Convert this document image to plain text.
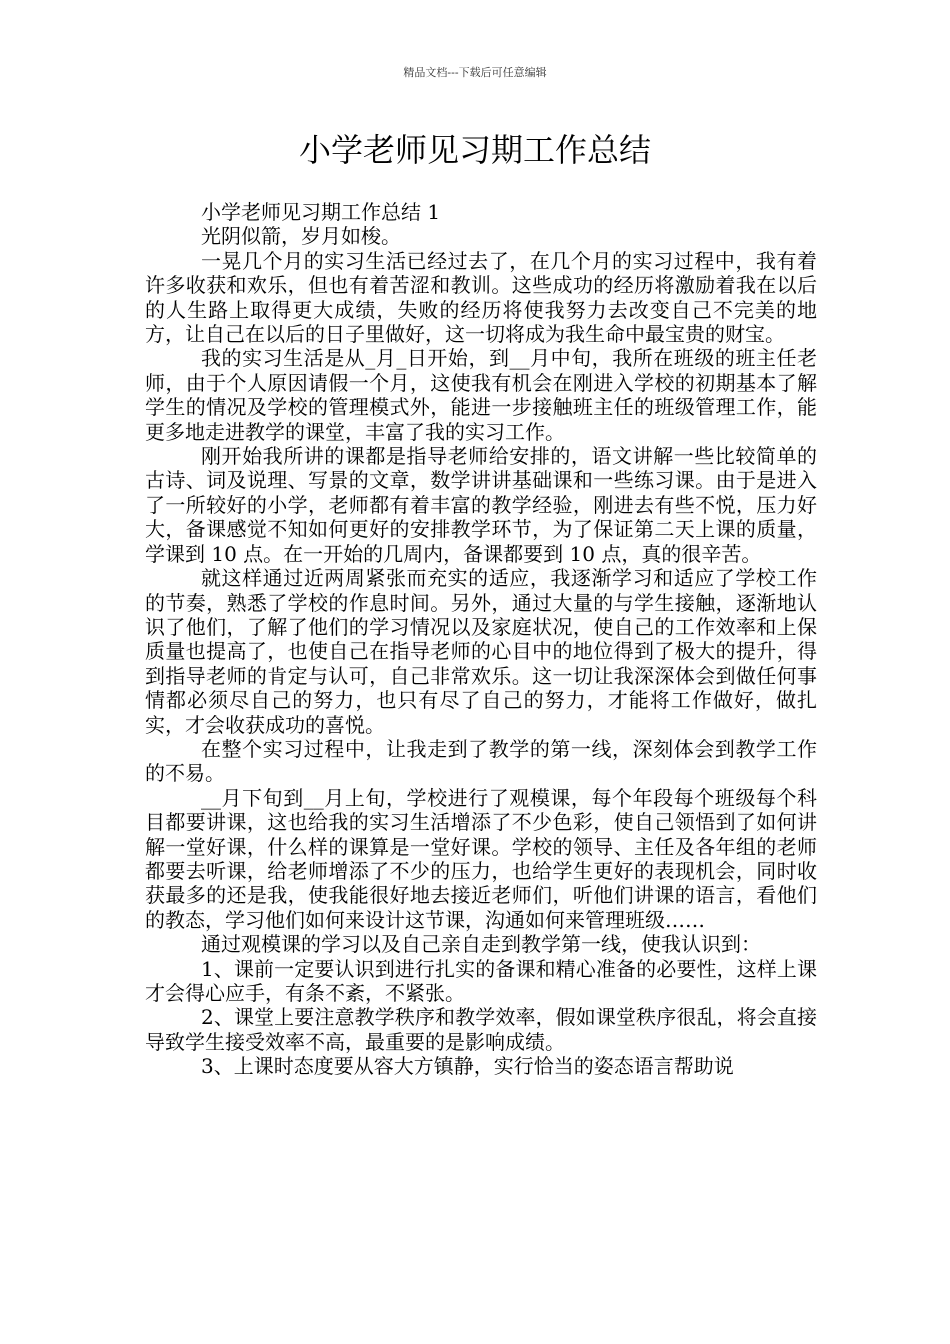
精品文档---下载后可任意编辑
小学老师见习期工作总结

小学老师见习期工作总结 1

光阴似箭，岁月如梭。

一晃几个月的实习生活已经过去了，在几个月的实习过程中，我有着许多收获和欢乐，但也有着苦涩和教训。这些成功的经历将激励着我在以后的人生路上取得更大成绩，失败的经历将使我努力去改变自己不完美的地方，让自己在以后的日子里做好，这一切将成为我生命中最宝贵的财宝。

我的实习生活是从_月_日开始，到__月中旬，我所在班级的班主任老师，由于个人原因请假一个月，这使我有机会在刚进入学校的初期基本了解学生的情况及学校的管理模式外，能进一步接触班主任的班级管理工作，能更多地走进教学的课堂，丰富了我的实习工作。

刚开始我所讲的课都是指导老师给安排的，语文讲解一些比较简单的古诗、词及说理、写景的文章，数学讲讲基础课和一些练习课。由于是进入了一所较好的小学，老师都有着丰富的教学经验，刚进去有些不悦，压力好大，备课感觉不知如何更好的安排教学环节，为了保证第二天上课的质量，学课到 10 点。在一开始的几周内，备课都要到 10 点，真的很辛苦。

就这样通过近两周紧张而充实的适应，我逐渐学习和适应了学校工作的节奏，熟悉了学校的作息时间。另外，通过大量的与学生接触，逐渐地认识了他们，了解了他们的学习情况以及家庭状况，使自己的工作效率和上保质量也提高了，也使自己在指导老师的心目中的地位得到了极大的提升，得到指导老师的肯定与认可，自己非常欢乐。这一切让我深深体会到做任何事情都必须尽自己的努力，也只有尽了自己的努力，才能将工作做好，做扎实，才会收获成功的喜悦。

在整个实习过程中，让我走到了教学的第一线，深刻体会到教学工作的不易。

__月下旬到__月上旬，学校进行了观模课，每个年段每个班级每个科目都要讲课，这也给我的实习生活增添了不少色彩，使自己领悟到了如何讲解一堂好课，什么样的课算是一堂好课。学校的领导、主任及各年组的老师都要去听课，给老师增添了不少的压力，也给学生更好的表现机会，同时收获最多的还是我，使我能很好地去接近老师们，听他们讲课的语言，看他们的教态，学习他们如何来设计这节课，沟通如何来管理班级……

通过观模课的学习以及自己亲自走到教学第一线，使我认识到：

1、课前一定要认识到进行扎实的备课和精心准备的必要性，这样上课才会得心应手，有条不紊，不紧张。

2、课堂上要注意教学秩序和教学效率，假如课堂秩序很乱，将会直接导致学生接受效率不高，最重要的是影响成绩。

3、上课时态度要从容大方镇静，实行恰当的姿态语言帮助说
